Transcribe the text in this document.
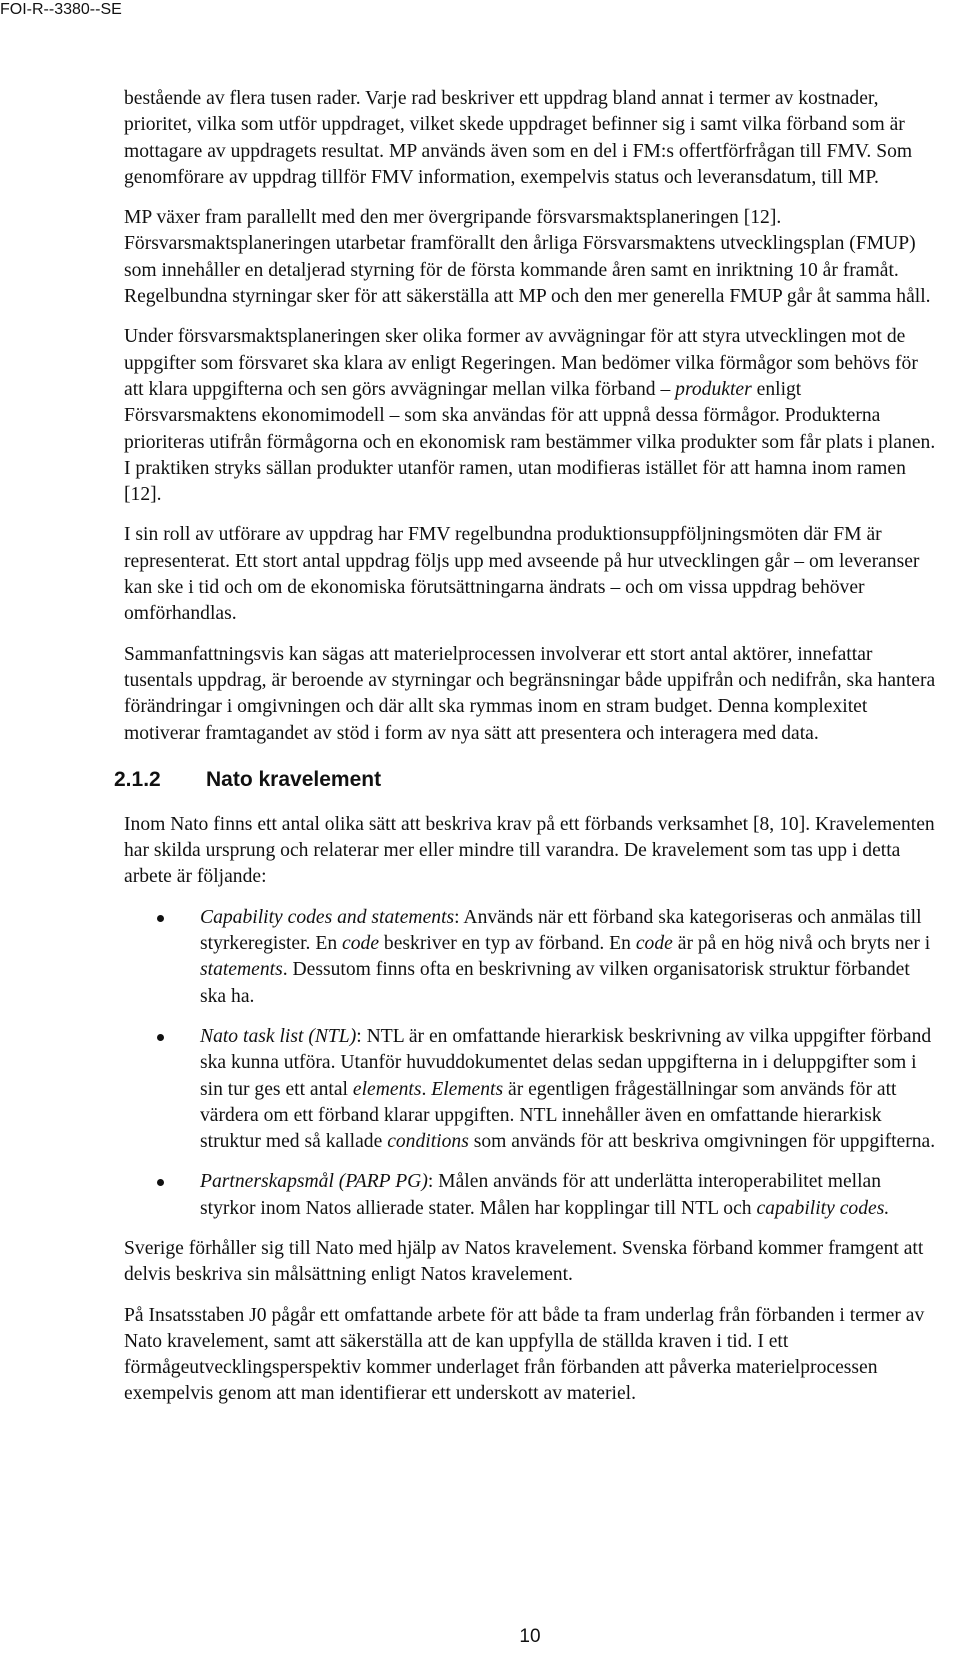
FOI-R--3380--SE

bestående av flera tusen rader. Varje rad beskriver ett uppdrag bland annat i termer av kostnader, prioritet, vilka som utför uppdraget, vilket skede uppdraget befinner sig i samt vilka förband som är mottagare av uppdragets resultat. MP används även som en del i FM:s offertförfrågan till FMV. Som genomförare av uppdrag tillför FMV information, exempelvis status och leveransdatum, till MP.

MP växer fram parallellt med den mer övergripande försvarsmaktsplaneringen [12]. Försvarsmaktsplaneringen utarbetar framförallt den årliga Försvarsmaktens utvecklingsplan (FMUP) som innehåller en detaljerad styrning för de första kommande åren samt en inriktning 10 år framåt. Regelbundna styrningar sker för att säkerställa att MP och den mer generella FMUP går åt samma håll.

Under försvarsmaktsplaneringen sker olika former av avvägningar för att styra utvecklingen mot de uppgifter som försvaret ska klara av enligt Regeringen. Man bedömer vilka förmågor som behövs för att klara uppgifterna och sen görs avvägningar mellan vilka förband – produkter enligt Försvarsmaktens ekonomimodell – som ska användas för att uppnå dessa förmågor. Produkterna prioriteras utifrån förmågorna och en ekonomisk ram bestämmer vilka produkter som får plats i planen. I praktiken stryks sällan produkter utanför ramen, utan modifieras istället för att hamna inom ramen [12].

I sin roll av utförare av uppdrag har FMV regelbundna produktionsuppföljningsmöten där FM är representerat. Ett stort antal uppdrag följs upp med avseende på hur utvecklingen går – om leveranser kan ske i tid och om de ekonomiska förutsättningarna ändrats – och om vissa uppdrag behöver omförhandlas.

Sammanfattningsvis kan sägas att materielprocessen involverar ett stort antal aktörer, innefattar tusentals uppdrag, är beroende av styrningar och begränsningar både uppifrån och nedifrån, ska hantera förändringar i omgivningen och där allt ska rymmas inom en stram budget. Denna komplexitet motiverar framtagandet av stöd i form av nya sätt att presentera och interagera med data.

2.1.2 Nato kravelement

Inom Nato finns ett antal olika sätt att beskriva krav på ett förbands verksamhet [8, 10]. Kravelementen har skilda ursprung och relaterar mer eller mindre till varandra. De kravelement som tas upp i detta arbete är följande:

Capability codes and statements: Används när ett förband ska kategoriseras och anmälas till styrkeregister. En code beskriver en typ av förband. En code är på en hög nivå och bryts ner i statements. Dessutom finns ofta en beskrivning av vilken organisatorisk struktur förbandet ska ha.
Nato task list (NTL): NTL är en omfattande hierarkisk beskrivning av vilka uppgifter förband ska kunna utföra. Utanför huvuddokumentet delas sedan uppgifterna in i deluppgifter som i sin tur ges ett antal elements. Elements är egentligen frågeställningar som används för att värdera om ett förband klarar uppgiften. NTL innehåller även en omfattande hierarkisk struktur med så kallade conditions som används för att beskriva omgivningen för uppgifterna.
Partnerskapsmål (PARP PG): Målen används för att underlätta interoperabilitet mellan styrkor inom Natos allierade stater. Målen har kopplingar till NTL och capability codes.

Sverige förhåller sig till Nato med hjälp av Natos kravelement. Svenska förband kommer framgent att delvis beskriva sin målsättning enligt Natos kravelement.

På Insatsstaben J0 pågår ett omfattande arbete för att både ta fram underlag från förbanden i termer av Nato kravelement, samt att säkerställa att de kan uppfylla de ställda kraven i tid. I ett förmågeutvecklingsperspektiv kommer underlaget från förbanden att påverka materielprocessen exempelvis genom att man identifierar ett underskott av materiel.

10
